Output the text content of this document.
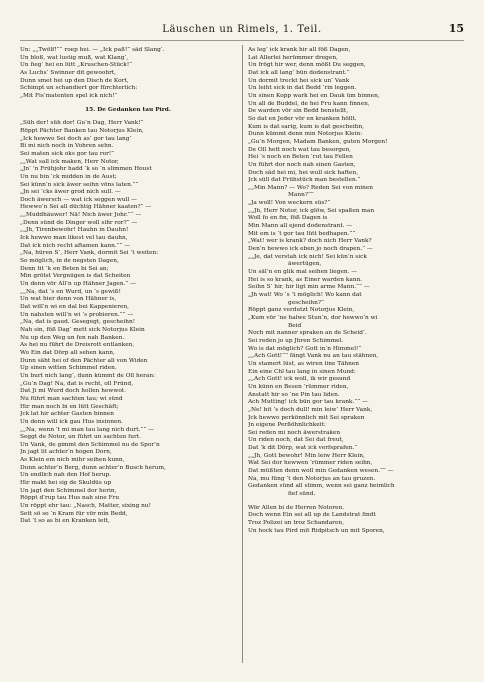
Läuschen un Rimels, 1. Teil.	15
Un: „„Twölf!““ roep hei. — „Ick paß!“ säd Slang‘.
Un bloß, wat lustig muß, wat Klang‘,
Un fieg‘ hei en lütt „Kruschen-Stück!“
As Luchs‘ Swinner dit gewoohrt,
Dunn smet hei up den Disch de Kort,
Schimpt un schandiert gor fürchterlich:
„Mit Fis‘matenten spel ick nich!“
15. De Gedanken tau Pird.
„Süh der! süh dor! Gu‘n Dag, Herr Vank!“
Röppt Pächter Banken tau Notorjus Klein,
„Ick hewwo Sei doch as‘ gor tau lang‘
Bi mi nich noch in Vohren sehn.
Sei maten sick oks gor tau ror!“
„„Wat sall ick maken, Herr Notor,
„Jn‘ ’n Frühjohr hadd ‘k so ‘n slimmen Houst
Un nu bin ‘ck midden in de Aust;
Sei künn‘n sick äwer seihn vöns laten.““
„Jn sei ‘cks äwer grod nich sull. —
Doch äwersch — wat ick seggen wull —
Hewwo‘n Sei all düchtig Hähner kaaten?“ —
„„Muddhäuwer! Nä! Nich äwer Johr.““ —
„Denn sünd de Dinger woll sihr ror?“ —
„„Jh, Tirenbewohr! Hauhn in Dauhn!
Ick hewwo man likest vel tau dauhn,
Dat ick nich recht aftamen kann.““ —
„Na, hüren S‘, Herr Vank, dormit Sei ‘t weiten:
So möglich, in de negsten Dagen,
Denn tit ‘k en Beten bi Sei an;
Min grötst Vergnügen is dat Scheiten
Un denn vör All‘n up Hähner Jagen.“ —
„„Na, dat ‘s en Wurd, un ‘s gewiß!
Un wat hier denn von Hähner is,
Dat will‘n wi en dal bei Kappenieren,
Un nahsten will‘n wi ‘s probieren.““ —
„Na, dat is gaud. Gesegegt, gescheihn!
Nah sin, föß Dag‘ mett sick Notorjus Klein
Nu up den Weg un fen nah Banken.
As hei nu führt de Dreisrott entlanken,
Wo Ein dat Dörp all sehen kann,
Dunn säht hei of den Pächter all von Widen
Up sinen witten Schimmel riden.
Un burt nich lang‘, dunn kümmt de Oll heran:
„Gu‘n Dag! Na, dat is recht, oll Fründ,
Dat Ji mi Wurd doch hollen hewwot.
Nu führt man sachten tau; wi sünd
Hir man noch bi en lütt Geschäft;
Jck lat hir achter Gasten binnen
Un denn will ick gau Hus insinnen.
„„Na, wenn ‘t mi man tau lang nich durt.““ —
Seggt de Notor, un führt un sachten furt.
Un Vank, de gimmt den Schimmel nu de Spor‘n
Jn jagt lit achter‘n hogen Dorn,
As Klein em nich mihr seihen kunn,
Dunn achter‘n Berg, dunn achter‘n Busch herum,
Un endlich nah den Hof herup.
Hir makt hei sig de Skuldüs up
Un jagt den Schimmel dor herin,
Röppt d‘rup tau Hus nah sine Fru
Un röppt ehr tau: „Nasch, Matter, sixing nu!
Sett sö so ‘n Kram für vör min Bedd,
Dat ‘t so as bi en Kranken lett,
As leg‘ ick krank hir all föß Dagen,
Lat Allerlei herümmer dregen,
Un frögt hir wer, denn mößt Du seggen,
Dat ick all lang‘ bün dodenstrant.“
Un dormit treckt hei sick un‘ Vank
Un leiht sick in dat Bedd ‘rin leggen.
Un sinen Kopp wark hei en Dauk üm binnen,
Un all de Buddel, de hei Fru kann finnen,
De warden vör sin Bedd henstellt,
So dat en Jeder vör en kranken höllt.
Kum is dat sarig, kum is dat gescheihn,
Dunn kümmt denn min Notorjus Klein:
„Gu‘n Morgen, Madam Banken, guten Morgen!
De Oll hett noch wat tau besorgen,
Hei ‘s noch en Beten ‘rut tau Fellen
Un führt dor noch nah sinen Gasten,
Doch säd hei mi, hei wull sick haften,
Jck süll dat Frühstück man bestellen.“
„„Min Mann? — Wo? Reden Sei von minen
Mann?““
„Ja woll! Von weckern süs?“
„„Jh, Herr Notor, ick glöw, Sei spaßen man
Woll fo en fin, föß Dagen is
Min Mann all ejend dodenstrant. —
Mit em is ‘t gor tau lütt bedhapen.““
„Wat! wer is krank? doch nich Herr Vank?
Den‘n hewwo ick eben jo noch drapen.“ —
„„Je, dat verstah ick nich! Sei kün‘n sick
äwertügen,
Un säl‘n en glik mal seihen liegen. —
Hei is so krank, as Einer warden kann.
Seihn S‘ hir, hir ligt min arme Mann.““ —
„Jh wat! Wo ‘s ‘t möglich! Wo kann dat
gescheihn?“
Röppt ganz verdutzt Notorjus Klein,
„Kum vör ‘ne halwe Stun‘n, dor hewwo‘n wi
Beid
Noch mit nanner spraken an de Scheid‘.
Sei reden jo up Jhren Schimmel.
Wo is dat möglich? Gott in‘n Himmel!“
„„Ach Gott!““ fängt Vank nu an tau stähnen,
Un stamert lüst, as wiren line Tähnen
Ein eine Chl tau lang in sinen Mund:
„„Ach Gott! ick woll, ik wir gesund
Un künn en Besen ‘rümmer riden,
Anstatt hir so ‘ne Pin tau liden.
Ach Mutting! ick bün gor tau krank.““ —
„Ne! bit ‘s doch dull! min leiw‘ Herr Vank,
Jck hewwo perkönnlich mit Sei spraken
Jn eigene Perßöhnlichkeit:
Sei reden mi noch äwerstraken
Un riden noch, dat Sei dat freut,
Dat ‘k dit Dörp, wat ick verfsprafen.“
„„Jh, Gott bewohr! Min leiw Herr Klein,
Wat Sei dor hewwen ‘rümmer riden seihn,
Dat müßten denn woll min Gedanken wesen.““ —
Na, mu füng ‘t den Notorjus an tau gruzen.
Gedanken sünd all slimm, wenn sei ganz heimlich
fief sünd.
Wör Allen bi de Herren Notoren.
Doch wenn Ein sei all up de Landstrat findt
Troz Polizei un troz Schandaren,
Un hock tau Pird mit Ridpitsch un mit Sporen,
